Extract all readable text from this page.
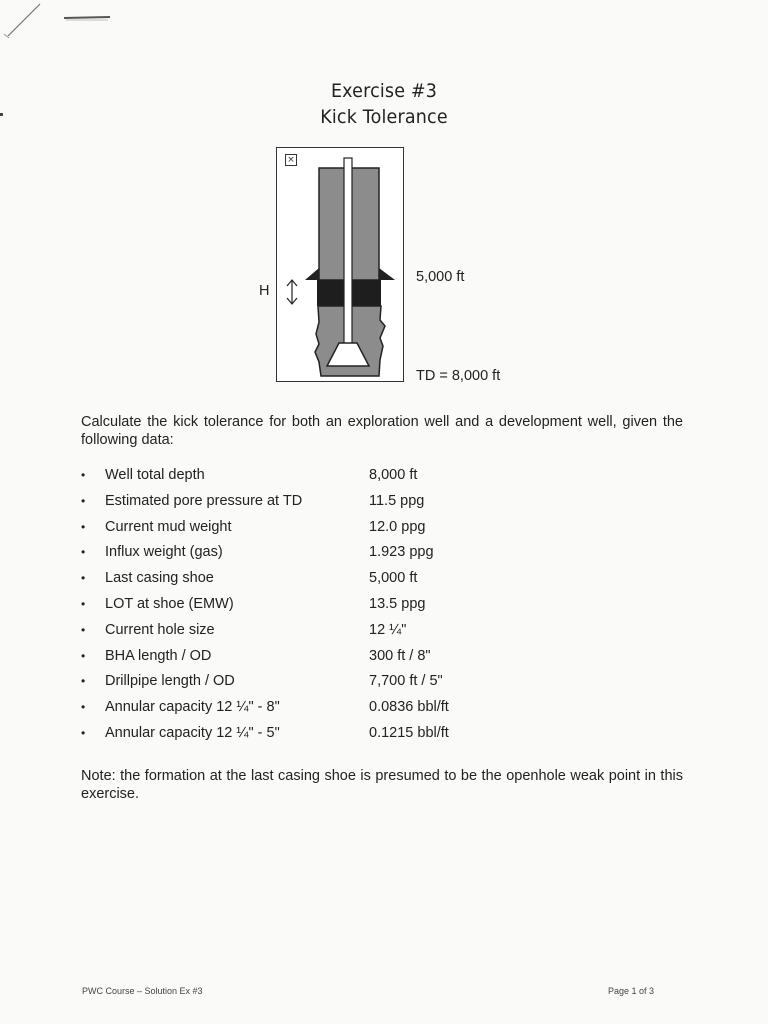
Exercise #3
Kick Tolerance
×
H
5,000 ft
TD = 8,000 ft
Calculate the kick tolerance for both an exploration well and a development well, given the following data:
•	Well total depth	8,000 ft
•	Estimated pore pressure at TD	11.5 ppg
•	Current mud weight	12.0 ppg
•	Influx weight (gas)	1.923 ppg
•	Last casing shoe	5,000 ft
•	LOT at shoe (EMW)	13.5 ppg
•	Current hole size	12 ¼"
•	BHA length / OD	300 ft / 8"
•	Drillpipe length / OD	7,700 ft / 5"
•	Annular capacity 12 ¼" - 8"	0.0836 bbl/ft
•	Annular capacity 12 ¼" - 5"	0.1215 bbl/ft
Note: the formation at the last casing shoe is presumed to be the openhole weak point in this exercise.
PWC Course – Solution Ex #3	Page 1 of 3
